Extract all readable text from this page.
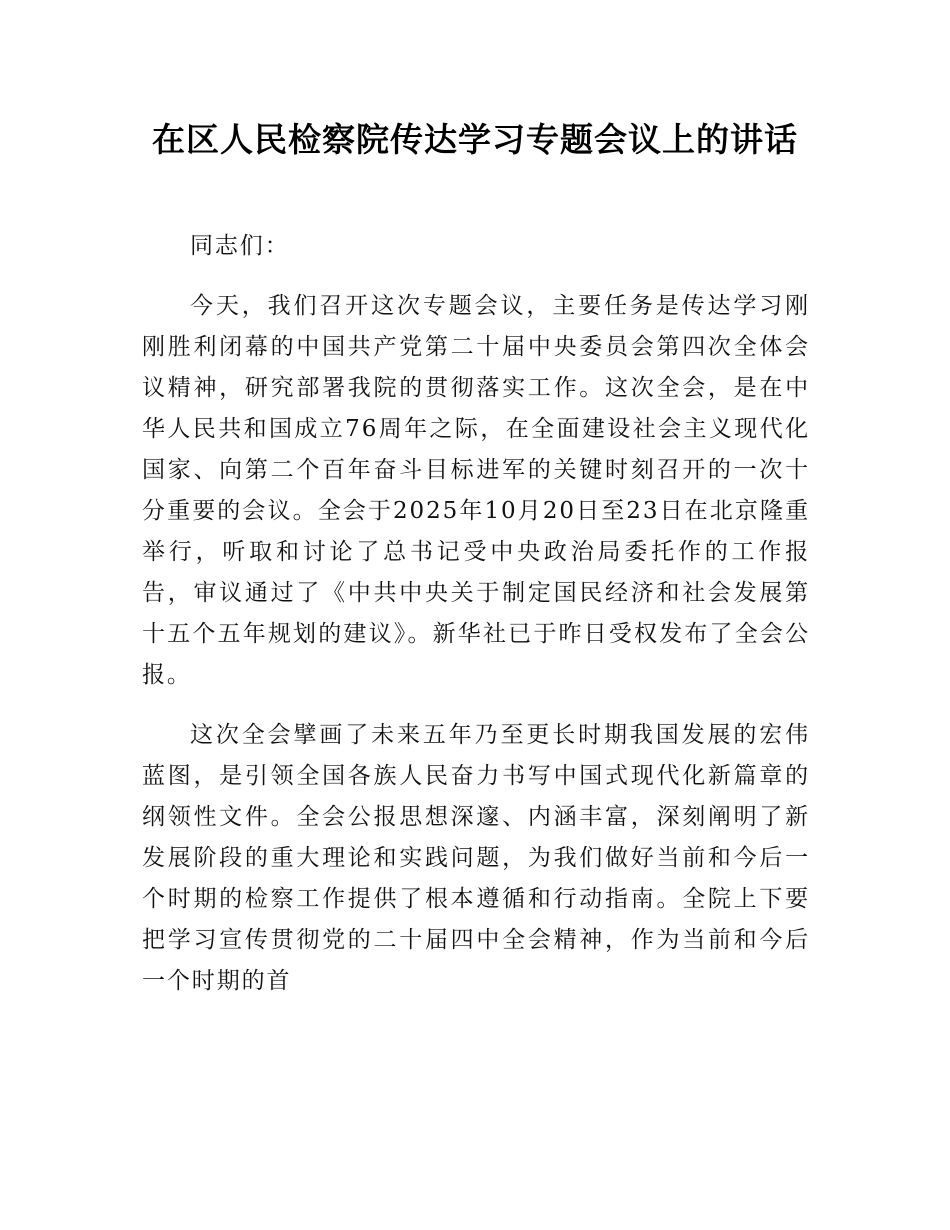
在区人民检察院传达学习专题会议上的讲话

同志们：

今天，我们召开这次专题会议，主要任务是传达学习刚刚胜利闭幕的中国共产党第二十届中央委员会第四次全体会议精神，研究部署我院的贯彻落实工作。这次全会，是在中华人民共和国成立76周年之际，在全面建设社会主义现代化国家、向第二个百年奋斗目标进军的关键时刻召开的一次十分重要的会议。全会于2025年10月20日至23日在北京隆重举行，听取和讨论了总书记受中央政治局委托作的工作报告，审议通过了《中共中央关于制定国民经济和社会发展第十五个五年规划的建议》。新华社已于昨日受权发布了全会公报。

这次全会擘画了未来五年乃至更长时期我国发展的宏伟蓝图，是引领全国各族人民奋力书写中国式现代化新篇章的纲领性文件。全会公报思想深邃、内涵丰富，深刻阐明了新发展阶段的重大理论和实践问题，为我们做好当前和今后一个时期的检察工作提供了根本遵循和行动指南。全院上下要把学习宣传贯彻党的二十届四中全会精神，作为当前和今后一个时期的首
